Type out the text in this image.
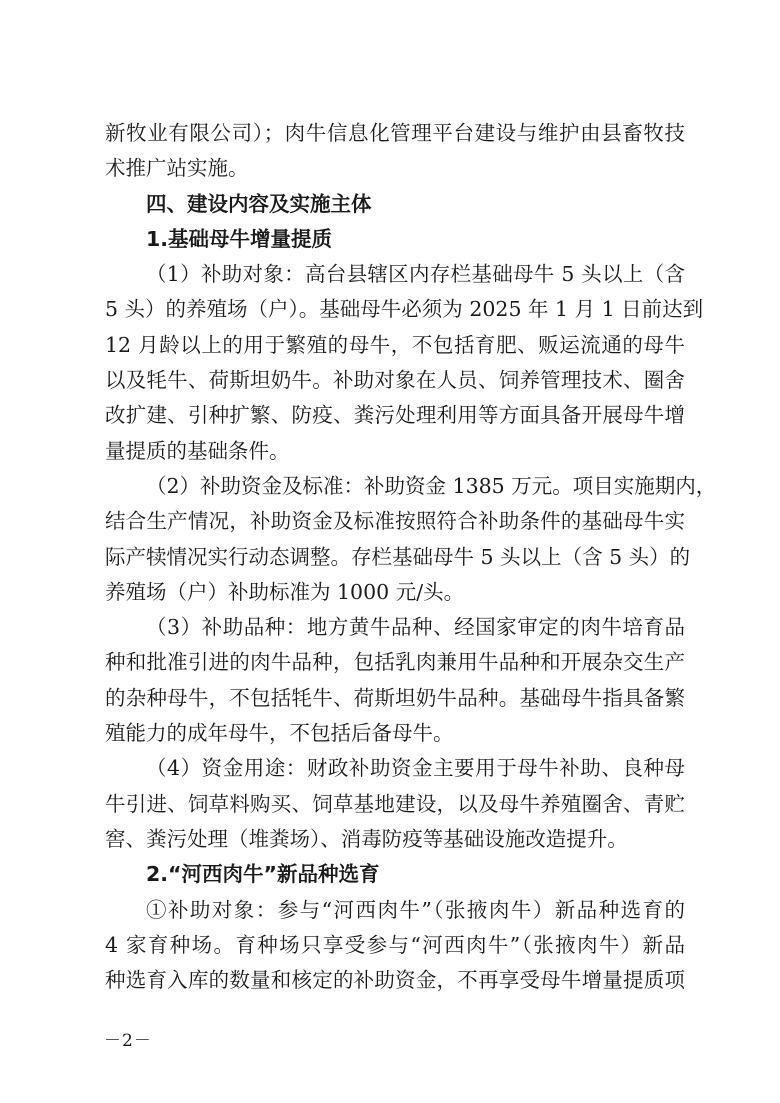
新牧业有限公司）；肉牛信息化管理平台建设与维护由县畜牧技
术推广站实施。
四、建设内容及实施主体
1.基础母牛增量提质
（1）补助对象：高台县辖区内存栏基础母牛 5 头以上（含
5 头）的养殖场（户）。基础母牛必须为 2025 年 1 月 1 日前达到
12 月龄以上的用于繁殖的母牛，不包括育肥、贩运流通的母牛
以及牦牛、荷斯坦奶牛。补助对象在人员、饲养管理技术、圈舍
改扩建、引种扩繁、防疫、粪污处理利用等方面具备开展母牛增
量提质的基础条件。
（2）补助资金及标准：补助资金 1385 万元。项目实施期内，
结合生产情况，补助资金及标准按照符合补助条件的基础母牛实
际产犊情况实行动态调整。存栏基础母牛 5 头以上（含 5 头）的
养殖场（户）补助标准为 1000 元/头。
（3）补助品种：地方黄牛品种、经国家审定的肉牛培育品
种和批准引进的肉牛品种，包括乳肉兼用牛品种和开展杂交生产
的杂种母牛，不包括牦牛、荷斯坦奶牛品种。基础母牛指具备繁
殖能力的成年母牛，不包括后备母牛。
（4）资金用途：财政补助资金主要用于母牛补助、良种母
牛引进、饲草料购买、饲草基地建设，以及母牛养殖圈舍、青贮
窖、粪污处理（堆粪场）、消毒防疫等基础设施改造提升。
2.“河西肉牛”新品种选育
①补助对象：参与“河西肉牛”（张掖肉牛）新品种选育的
4 家育种场。育种场只享受参与“河西肉牛”（张掖肉牛）新品
种选育入库的数量和核定的补助资金，不再享受母牛增量提质项
－2－
